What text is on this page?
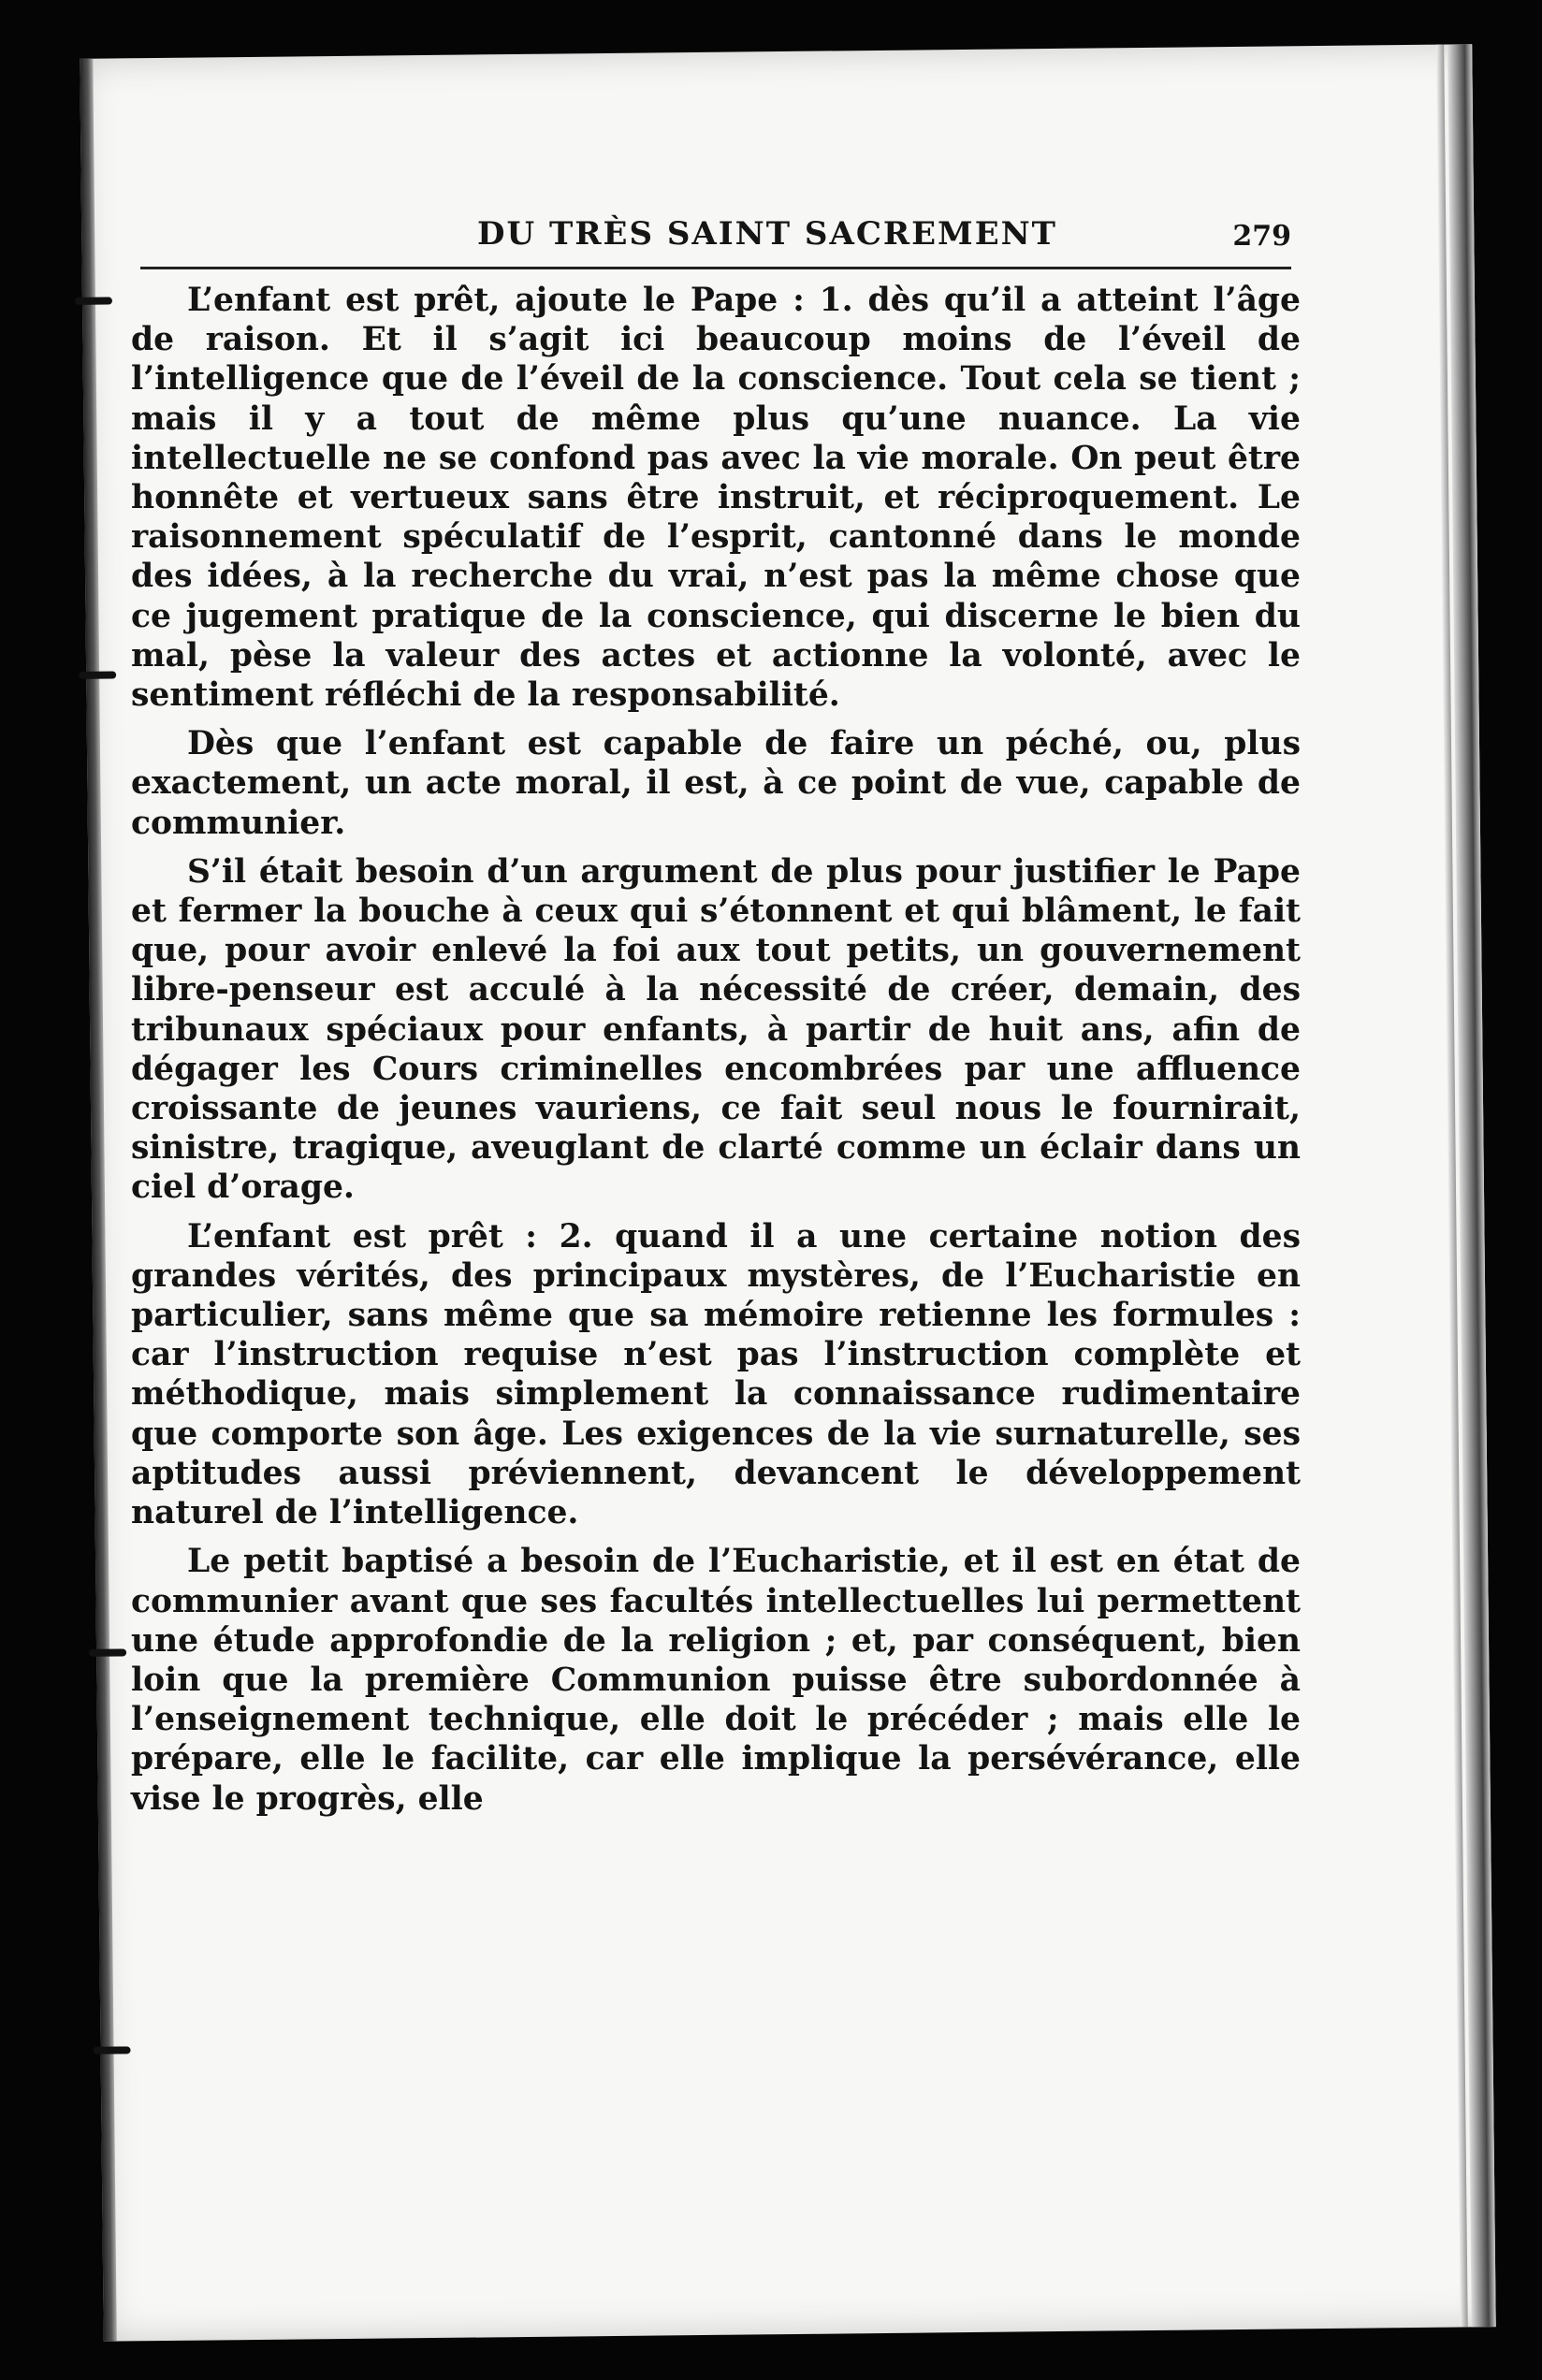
DU TRÈS SAINT SACREMENT	279

L’enfant est prêt, ajoute le Pape : 1. dès qu’il a atteint l’âge de raison. Et il s’agit ici beaucoup moins de l’éveil de l’intelligence que de l’éveil de la conscience. Tout cela se tient ; mais il y a tout de même plus qu’une nuance. La vie intellectuelle ne se confond pas avec la vie morale. On peut être honnête et vertueux sans être instruit, et réciproquement. Le raisonnement spéculatif de l’esprit, cantonné dans le monde des idées, à la recherche du vrai, n’est pas la même chose que ce jugement pratique de la conscience, qui discerne le bien du mal, pèse la valeur des actes et actionne la volonté, avec le sentiment réfléchi de la responsabilité.

Dès que l’enfant est capable de faire un péché, ou, plus exactement, un acte moral, il est, à ce point de vue, capable de communier.

S’il était besoin d’un argument de plus pour justifier le Pape et fermer la bouche à ceux qui s’étonnent et qui blâment, le fait que, pour avoir enlevé la foi aux tout petits, un gouvernement libre-penseur est acculé à la nécessité de créer, demain, des tribunaux spéciaux pour enfants, à partir de huit ans, afin de dégager les Cours criminelles encombrées par une affluence croissante de jeunes vauriens, ce fait seul nous le fournirait, sinistre, tragique, aveuglant de clarté comme un éclair dans un ciel d’orage.

L’enfant est prêt : 2. quand il a une certaine notion des grandes vérités, des principaux mystères, de l’Eucharistie en particulier, sans même que sa mémoire retienne les formules : car l’instruction requise n’est pas l’instruction complète et méthodique, mais simplement la connaissance rudimentaire que comporte son âge. Les exigences de la vie surnaturelle, ses aptitudes aussi préviennent, devancent le développement naturel de l’intelligence.

Le petit baptisé a besoin de l’Eucharistie, et il est en état de communier avant que ses facultés intellectuelles lui permettent une étude approfondie de la religion ; et, par conséquent, bien loin que la première Communion puisse être subordonnée à l’enseignement technique, elle doit le précéder ; mais elle le prépare, elle le facilite, car elle implique la persévérance, elle vise le progrès, elle
